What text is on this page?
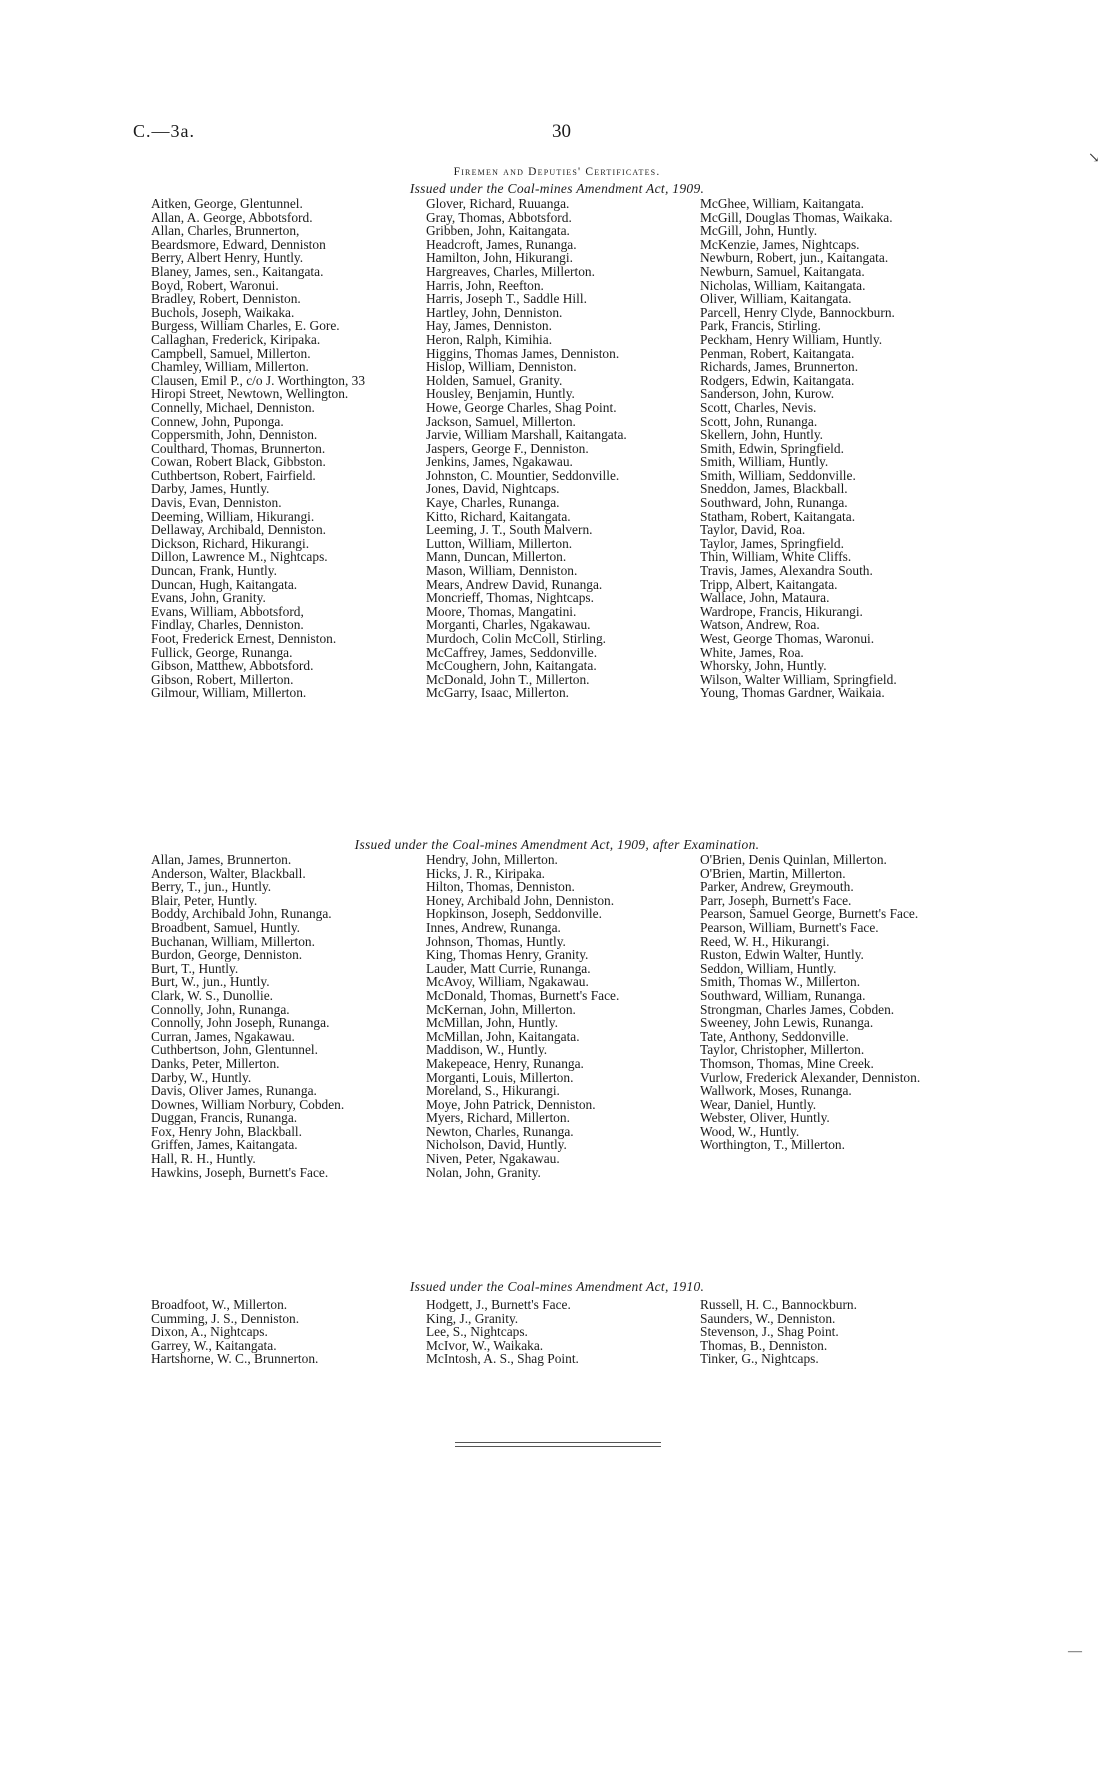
C.—3a.	30
↘
Firemen and Deputies' Certificates.
Issued under the Coal-mines Amendment Act, 1909.
Aitken, George, Glentunnel.
Allan, A. George, Abbotsford.
Allan, Charles, Brunnerton,
Beardsmore, Edward, Denniston
Berry, Albert Henry, Huntly.
Blaney, James, sen., Kaitangata.
Boyd, Robert, Waronui.
Bradley, Robert, Denniston.
Buchols, Joseph, Waikaka.
Burgess, William Charles, E. Gore.
Callaghan, Frederick, Kiripaka.
Campbell, Samuel, Millerton.
Chamley, William, Millerton.
Clausen, Emil P., c/o J. Worthington, 33 Hiropi Street, Newtown, Wellington.
Connelly, Michael, Denniston.
Connew, John, Puponga.
Coppersmith, John, Denniston.
Coulthard, Thomas, Brunnerton.
Cowan, Robert Black, Gibbston.
Cuthbertson, Robert, Fairfield.
Darby, James, Huntly.
Davis, Evan, Denniston.
Deeming, William, Hikurangi.
Dellaway, Archibald, Denniston.
Dickson, Richard, Hikurangi.
Dillon, Lawrence M., Nightcaps.
Duncan, Frank, Huntly.
Duncan, Hugh, Kaitangata.
Evans, John, Granity.
Evans, William, Abbotsford,
Findlay, Charles, Denniston.
Foot, Frederick Ernest, Denniston.
Fullick, George, Runanga.
Gibson, Matthew, Abbotsford.
Gibson, Robert, Millerton.
Gilmour, William, Millerton.
Glover, Richard, Ruuanga.
Gray, Thomas, Abbotsford.
Gribben, John, Kaitangata.
Headcroft, James, Runanga.
Hamilton, John, Hikurangi.
Hargreaves, Charles, Millerton.
Harris, John, Reefton.
Harris, Joseph T., Saddle Hill.
Hartley, John, Denniston.
Hay, James, Denniston.
Heron, Ralph, Kimihia.
Higgins, Thomas James, Denniston.
Hislop, William, Denniston.
Holden, Samuel, Granity.
Housley, Benjamin, Huntly.
Howe, George Charles, Shag Point.
Jackson, Samuel, Millerton.
Jarvie, William Marshall, Kaitangata.
Jaspers, George F., Denniston.
Jenkins, James, Ngakawau.
Johnston, C. Mountier, Seddonville.
Jones, David, Nightcaps.
Kaye, Charles, Runanga.
Kitto, Richard, Kaitangata.
Leeming, J. T., South Malvern.
Lutton, William, Millerton.
Mann, Duncan, Millerton.
Mason, William, Denniston.
Mears, Andrew David, Runanga.
Moncrieff, Thomas, Nightcaps.
Moore, Thomas, Mangatini.
Morganti, Charles, Ngakawau.
Murdoch, Colin McColl, Stirling.
McCaffrey, James, Seddonville.
McCoughern, John, Kaitangata.
McDonald, John T., Millerton.
McGarry, Isaac, Millerton.
McGhee, William, Kaitangata.
McGill, Douglas Thomas, Waikaka.
McGill, John, Huntly.
McKenzie, James, Nightcaps.
Newburn, Robert, jun., Kaitangata.
Newburn, Samuel, Kaitangata.
Nicholas, William, Kaitangata.
Oliver, William, Kaitangata.
Parcell, Henry Clyde, Bannockburn.
Park, Francis, Stirling.
Peckham, Henry William, Huntly.
Penman, Robert, Kaitangata.
Richards, James, Brunnerton.
Rodgers, Edwin, Kaitangata.
Sanderson, John, Kurow.
Scott, Charles, Nevis.
Scott, John, Runanga.
Skellern, John, Huntly.
Smith, Edwin, Springfield.
Smith, William, Huntly.
Smith, William, Seddonville.
Sneddon, James, Blackball.
Southward, John, Runanga.
Statham, Robert, Kaitangata.
Taylor, David, Roa.
Taylor, James, Springfield.
Thin, William, White Cliffs.
Travis, James, Alexandra South.
Tripp, Albert, Kaitangata.
Wallace, John, Mataura.
Wardrope, Francis, Hikurangi.
Watson, Andrew, Roa.
West, George Thomas, Waronui.
White, James, Roa.
Whorsky, John, Huntly.
Wilson, Walter William, Springfield.
Young, Thomas Gardner, Waikaia.
Issued under the Coal-mines Amendment Act, 1909, after Examination.
Allan, James, Brunnerton.
Anderson, Walter, Blackball.
Berry, T., jun., Huntly.
Blair, Peter, Huntly.
Boddy, Archibald John, Runanga.
Broadbent, Samuel, Huntly.
Buchanan, William, Millerton.
Burdon, George, Denniston.
Burt, T., Huntly.
Burt, W., jun., Huntly.
Clark, W. S., Dunollie.
Connolly, John, Runanga.
Connolly, John Joseph, Runanga.
Curran, James, Ngakawau.
Cuthbertson, John, Glentunnel.
Danks, Peter, Millerton.
Darby, W., Huntly.
Davis, Oliver James, Runanga.
Downes, William Norbury, Cobden.
Duggan, Francis, Runanga.
Fox, Henry John, Blackball.
Griffen, James, Kaitangata.
Hall, R. H., Huntly.
Hawkins, Joseph, Burnett's Face.
Hendry, John, Millerton.
Hicks, J. R., Kiripaka.
Hilton, Thomas, Denniston.
Honey, Archibald John, Denniston.
Hopkinson, Joseph, Seddonville.
Innes, Andrew, Runanga.
Johnson, Thomas, Huntly.
King, Thomas Henry, Granity.
Lauder, Matt Currie, Runanga.
McAvoy, William, Ngakawau.
McDonald, Thomas, Burnett's Face.
McKernan, John, Millerton.
McMillan, John, Huntly.
McMillan, John, Kaitangata.
Maddison, W., Huntly.
Makepeace, Henry, Runanga.
Morganti, Louis, Millerton.
Moreland, S., Hikurangi.
Moye, John Patrick, Denniston.
Myers, Richard, Millerton.
Newton, Charles, Runanga.
Nicholson, David, Huntly.
Niven, Peter, Ngakawau.
Nolan, John, Granity.
O'Brien, Denis Quinlan, Millerton.
O'Brien, Martin, Millerton.
Parker, Andrew, Greymouth.
Parr, Joseph, Burnett's Face.
Pearson, Samuel George, Burnett's Face.
Pearson, William, Burnett's Face.
Reed, W. H., Hikurangi.
Ruston, Edwin Walter, Huntly.
Seddon, William, Huntly.
Smith, Thomas W., Millerton.
Southward, William, Runanga.
Strongman, Charles James, Cobden.
Sweeney, John Lewis, Runanga.
Tate, Anthony, Seddonville.
Taylor, Christopher, Millerton.
Thomson, Thomas, Mine Creek.
Vurlow, Frederick Alexander, Denniston.
Wallwork, Moses, Runanga.
Wear, Daniel, Huntly.
Webster, Oliver, Huntly.
Wood, W., Huntly.
Worthington, T., Millerton.
Issued under the Coal-mines Amendment Act, 1910.
Broadfoot, W., Millerton.
Cumming, J. S., Denniston.
Dixon, A., Nightcaps.
Garrey, W., Kaitangata.
Hartshorne, W. C., Brunnerton.
Hodgett, J., Burnett's Face.
King, J., Granity.
Lee, S., Nightcaps.
McIvor, W., Waikaka.
McIntosh, A. S., Shag Point.
Russell, H. C., Bannockburn.
Saunders, W., Denniston.
Stevenson, J., Shag Point.
Thomas, B., Denniston.
Tinker, G., Nightcaps.
—
